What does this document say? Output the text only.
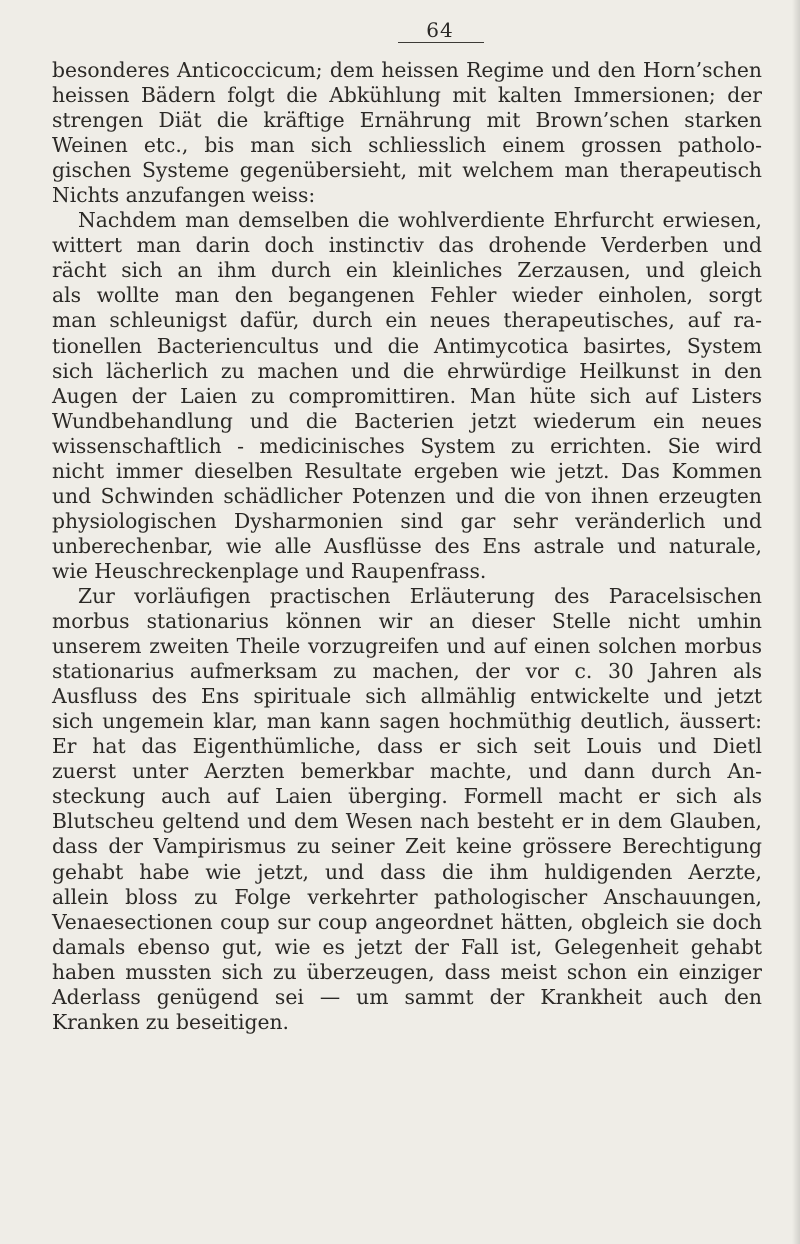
64
besonderes Anticoccicum; dem heissen Regime und den Horn’schen
heissen Bädern folgt die Abkühlung mit kalten Immersionen; der
strengen Diät die kräftige Ernährung mit Brown’schen starken
Weinen etc., bis man sich schliesslich einem grossen patholo-
gischen Systeme gegenübersieht, mit welchem man therapeutisch
Nichts anzufangen weiss:
Nachdem man demselben die wohlverdiente Ehrfurcht erwiesen,
wittert man darin doch instinctiv das drohende Verderben und
rächt sich an ihm durch ein kleinliches Zerzausen, und gleich
als wollte man den begangenen Fehler wieder einholen, sorgt
man schleunigst dafür, durch ein neues therapeutisches, auf ra-
tionellen Bacteriencultus und die Antimycotica basirtes, System
sich lächerlich zu machen und die ehrwürdige Heilkunst in den
Augen der Laien zu compromittiren. Man hüte sich auf Listers
Wundbehandlung und die Bacterien jetzt wiederum ein neues
wissenschaftlich - medicinisches System zu errichten. Sie wird
nicht immer dieselben Resultate ergeben wie jetzt. Das Kommen
und Schwinden schädlicher Potenzen und die von ihnen erzeugten
physiologischen Dysharmonien sind gar sehr veränderlich und
unberechenbar, wie alle Ausflüsse des Ens astrale und naturale,
wie Heuschreckenplage und Raupenfrass.
Zur vorläufigen practischen Erläuterung des Paracelsischen
morbus stationarius können wir an dieser Stelle nicht umhin
unserem zweiten Theile vorzugreifen und auf einen solchen morbus
stationarius aufmerksam zu machen, der vor c. 30 Jahren als
Ausfluss des Ens spirituale sich allmählig entwickelte und jetzt
sich ungemein klar, man kann sagen hochmüthig deutlich, äussert:
Er hat das Eigenthümliche, dass er sich seit Louis und Dietl
zuerst unter Aerzten bemerkbar machte, und dann durch An-
steckung auch auf Laien überging. Formell macht er sich als
Blutscheu geltend und dem Wesen nach besteht er in dem Glauben,
dass der Vampirismus zu seiner Zeit keine grössere Berechtigung
gehabt habe wie jetzt, und dass die ihm huldigenden Aerzte,
allein bloss zu Folge verkehrter pathologischer Anschauungen,
Venaesectionen coup sur coup angeordnet hätten, obgleich sie doch
damals ebenso gut, wie es jetzt der Fall ist, Gelegenheit gehabt
haben mussten sich zu überzeugen, dass meist schon ein einziger
Aderlass genügend sei — um sammt der Krankheit auch den
Kranken zu beseitigen.
